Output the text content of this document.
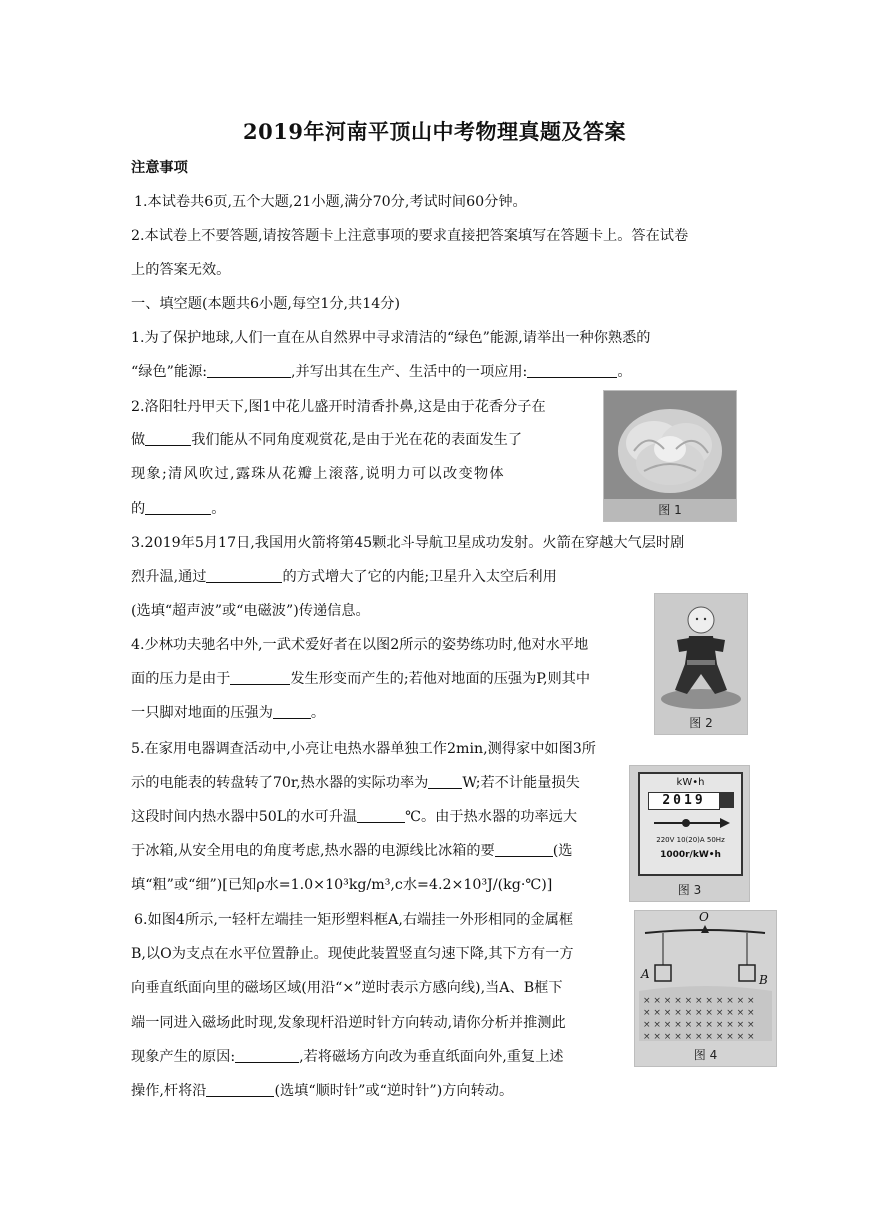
2019年河南平顶山中考物理真题及答案
注意事项
1.本试卷共6页,五个大题,21小题,满分70分,考试时间60分钟。
2.本试卷上不要答题,请按答题卡上注意事项的要求直接把答案填写在答题卡上。答在试卷
上的答案无效。
一、填空题(本题共6小题,每空1分,共14分)
1.为了保护地球,人们一直在从自然界中寻求清洁的“绿色”能源,请举出一种你熟悉的
“绿色”能源:	,并写出其在生产、生活中的一项应用:	。
2.洛阳牡丹甲天下,图1中花儿盛开时清香扑鼻,这是由于花香分子在
做	我们能从不同角度观赏花,是由于光在花的表面发生了
现象;清风吹过,露珠从花瓣上滚落,说明力可以改变物体
的	。
3.2019年5月17日,我国用火箭将第45颗北斗导航卫星成功发射。火箭在穿越大气层时剧
烈升温,通过	的方式增大了它的内能;卫星升入太空后利用
(选填“超声波”或“电磁波”)传递信息。
4.少林功夫驰名中外,一武术爱好者在以图2所示的姿势练功时,他对水平地
面的压力是由于	发生形变而产生的;若他对地面的压强为P,则其中
一只脚对地面的压强为	。
5.在家用电器调查活动中,小亮让电热水器单独工作2min,测得家中如图3所
示的电能表的转盘转了70r,热水器的实际功率为 W;若不计能量损失
这段时间内热水器中50L的水可升温	℃。由于热水器的功率远大
于冰箱,从安全用电的角度考虑,热水器的电源线比冰箱的要	(选
填“粗”或“细”)[已知ρ水=1.0×10³kg/m³,c水=4.2×10³J/(kg·℃)]
6.如图4所示,一轻杆左端挂一矩形塑料框A,右端挂一外形相同的金属框
B,以O为支点在水平位置静止。现使此装置竖直匀速下降,其下方有一方
向垂直纸面向里的磁场区域(用沿“×”逆时表示方感向线),当A、B框下
端一同进入磁场此时现,发象现杆沿逆时针方向转动,请你分析并推测此
现象产生的原因:	,若将磁场方向改为垂直纸面向外,重复上述
操作,杆将沿	(选填“顺时针”或“逆时针”)方向转动。
图 1
图 2
kW•h
2019
220V 10(20)A 50Hz
1000r/kW•h
图 3
× × × × × × × × × × ×
× × × × × × × × × × ×
× × × × × × × × × × ×
× × × × × × × × × × ×
O
A	B
图 4
